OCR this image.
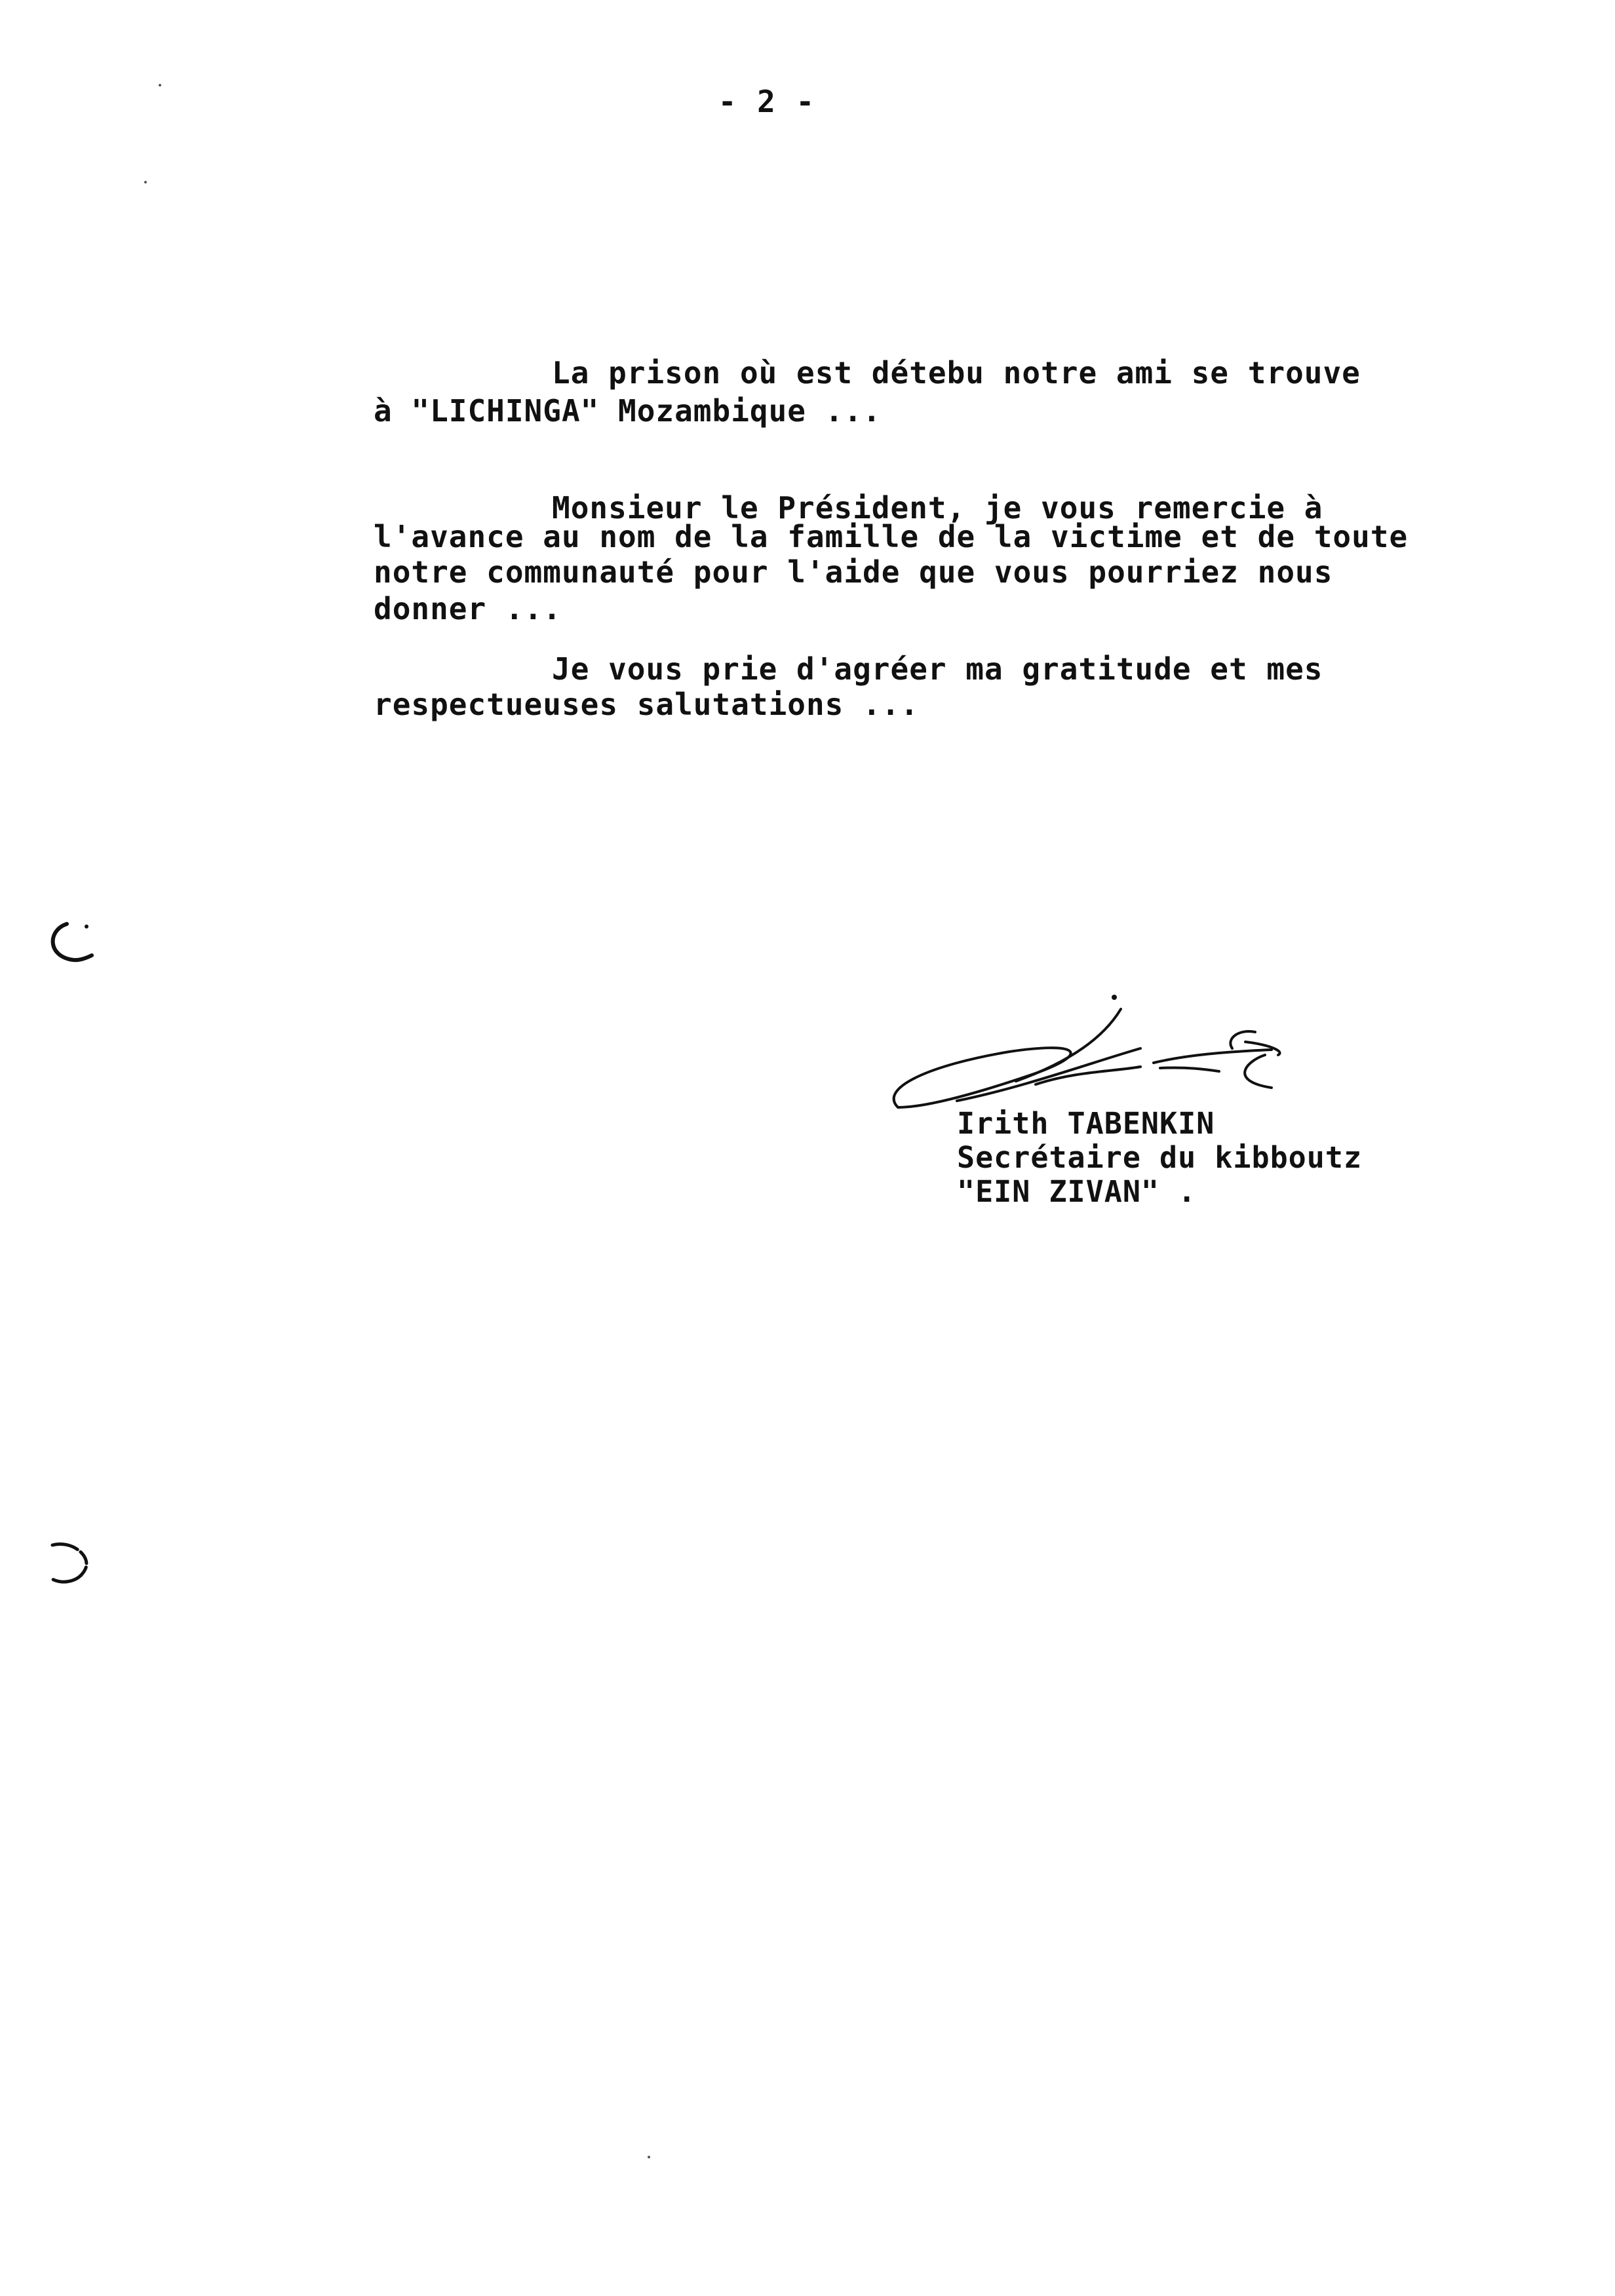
- 2 -
La prison où est détebu notre ami se trouve
à "LICHINGA" Mozambique ...
Monsieur le Président, je vous remercie à
l'avance au nom de la famille de la victime et de toute
notre communauté pour l'aide que vous pourriez nous
donner ...
Je vous prie d'agréer ma gratitude et mes
respectueuses salutations ...
Irith TABENKIN
Secrétaire du kibboutz
"EIN ZIVAN" .
